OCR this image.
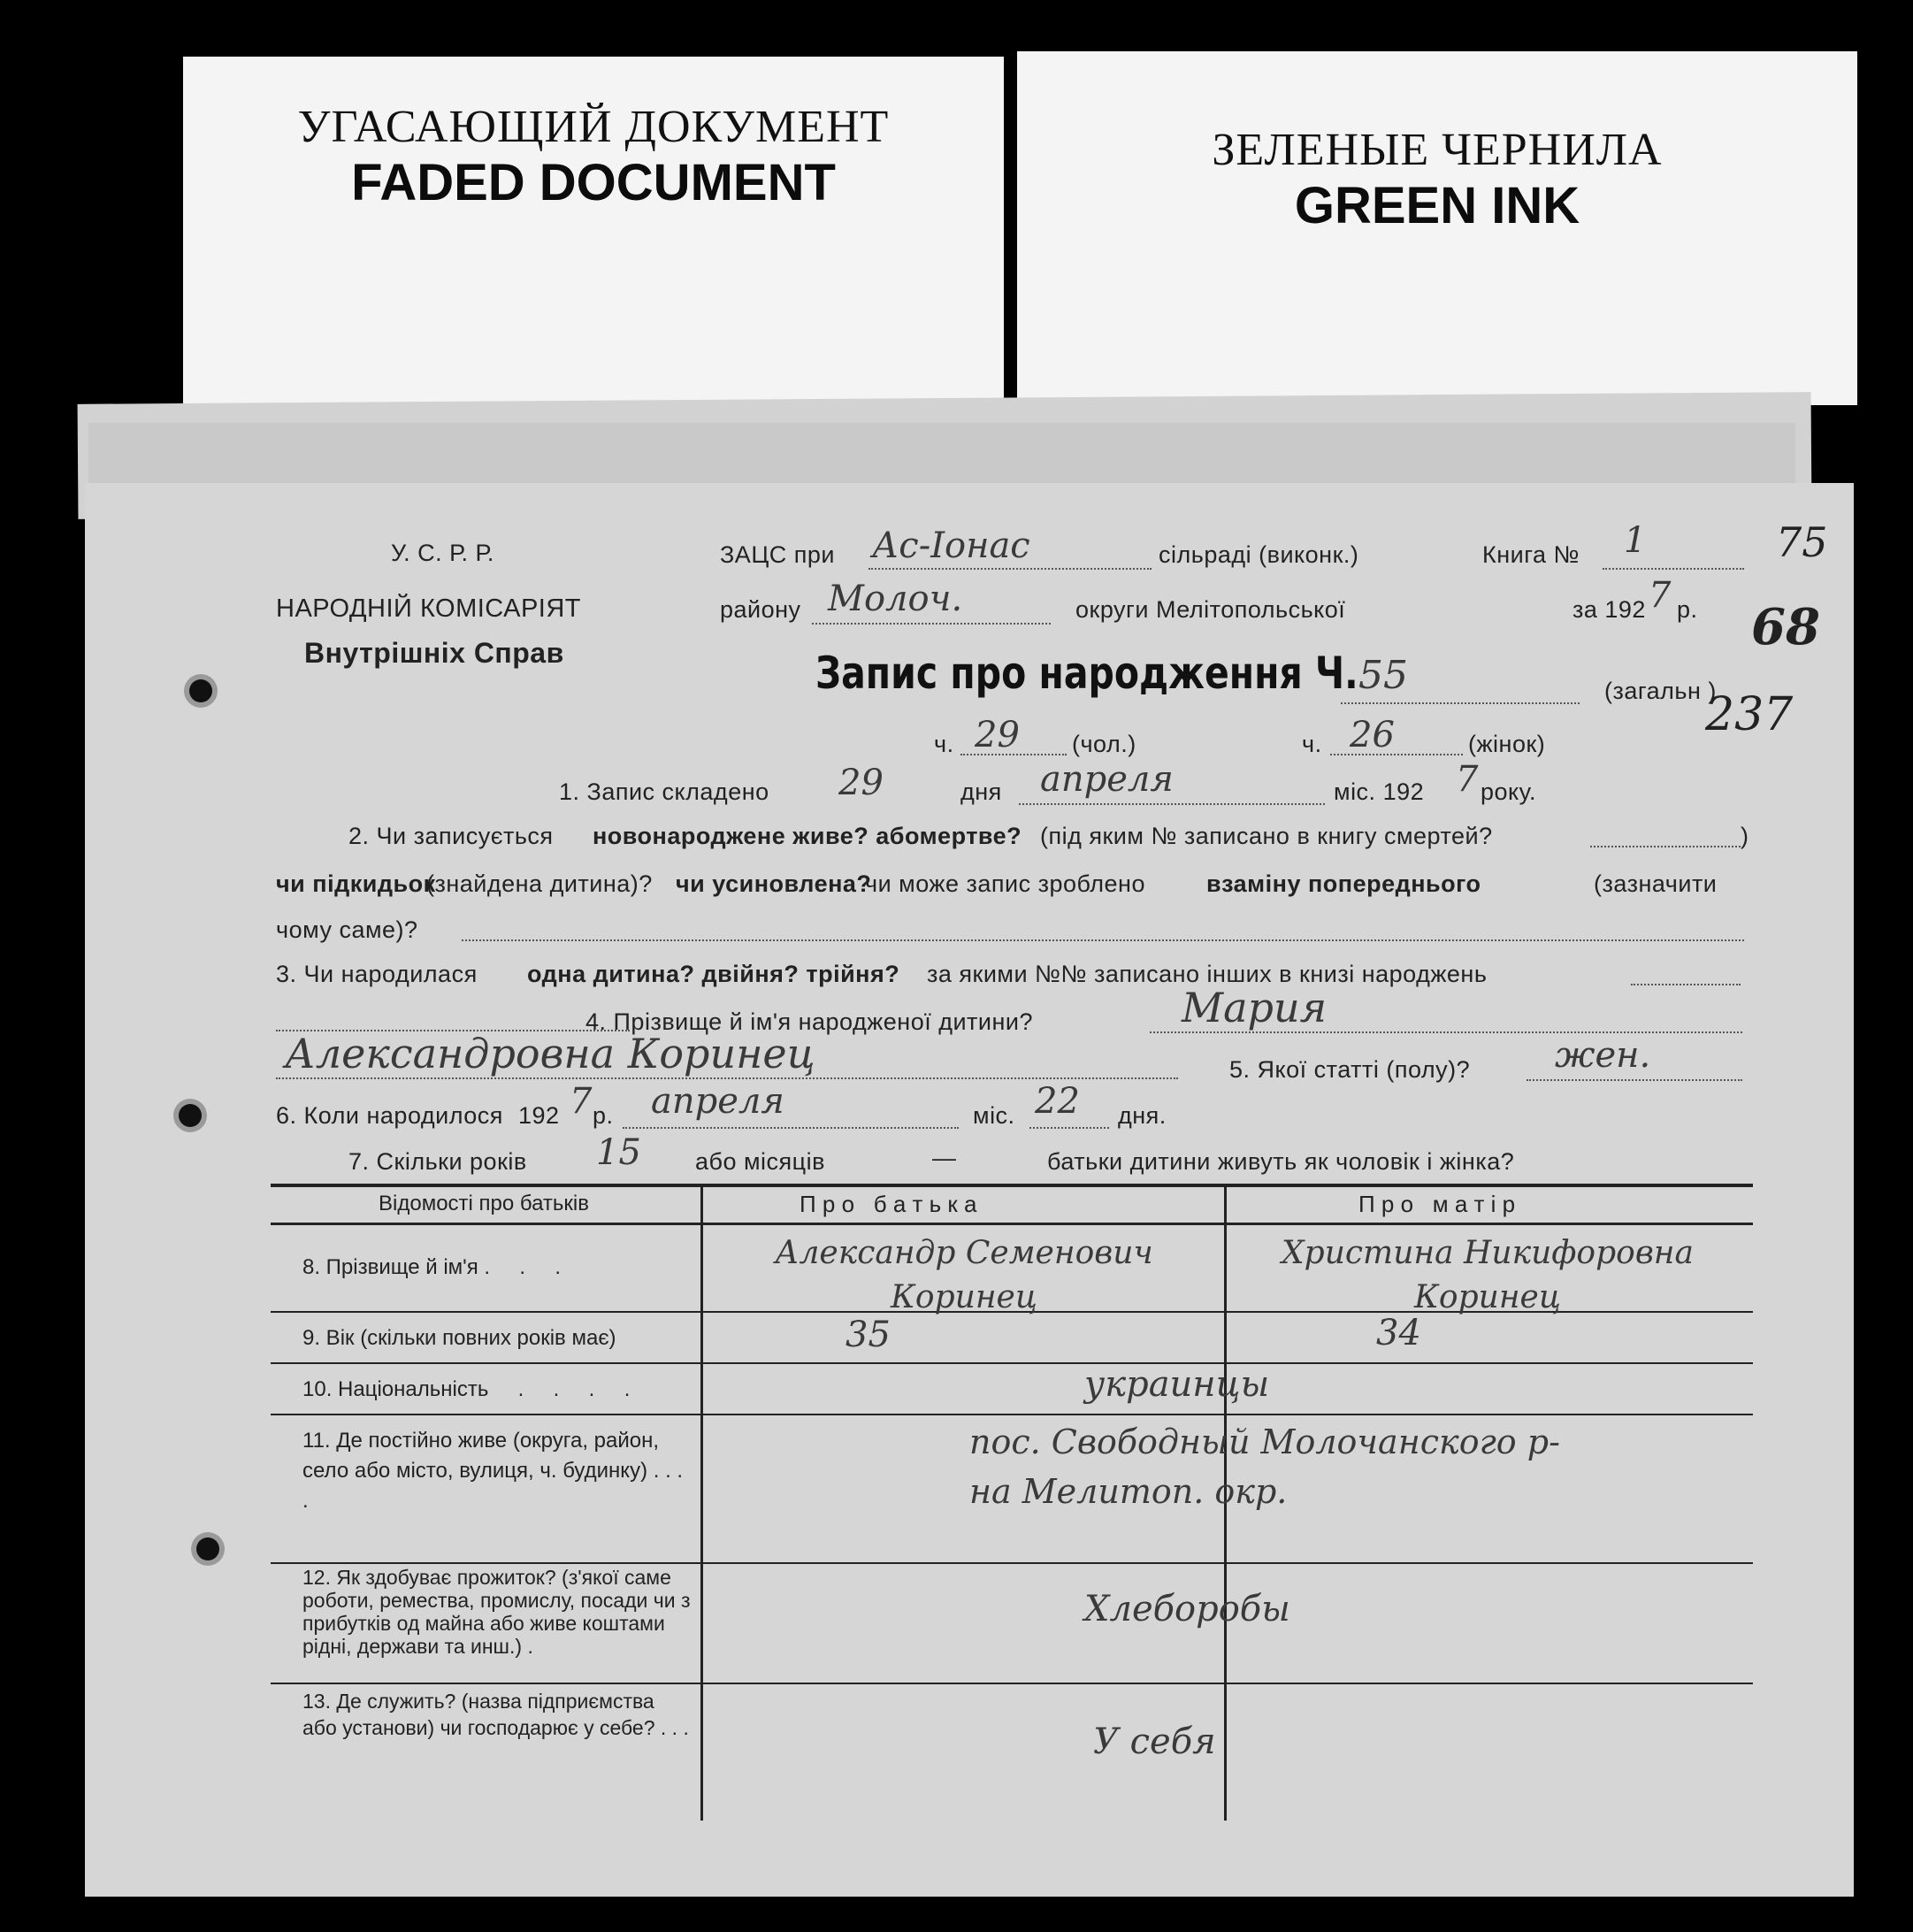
УГАСАЮЩИЙ ДОКУМЕНТ
FADED DOCUMENT
ЗЕЛЕНЫЕ ЧЕРНИЛА
GREEN INK
У. С. Р. Р.
НАРОДНІЙ КОМІСАРІЯТ
Внутрішніх Справ
ЗАЦС при Ас-Іонас	сільраді (виконк.)	Книга № 1
району Молоч.	округи Мелітопольської	за 192 7 р.
75
68
237
Запис про народження Ч. 55	(загальн )
ч. 29 (чол.)	ч. 26	(жінок)
1. Запис складено 29	дня апреля	міс. 192 7 року.
2. Чи записується новонароджене живе? абомертве? (під яким № записано в книгу смертей?	)
чи підкидьок
(знайдена дитина)? чи усиновлена?
чи може запис зроблено	взаміну попереднього	(зазначити
чому саме)?
3. Чи народилася одна дитина? двійня? трійня? за якими №№ записано інших в книзі народжень
4. Прізвище й ім'я народженої дитини?	Мария
Александровна Коринец	5. Якої статті (полу)? жен.
6. Коли народилося 192 7 р. апреля	міс. 22 дня.
7. Скільки років 15 або місяців	—	батьки дитини живуть як чоловік і жінка?
Відомості про батьків	П р о   б а т ь к а	П р о   м а т і р
8. Прізвище й ім'я .     .     .	Александр Семенович Коринец
Христина Никифоровна Коринец
9. Вік (скільки повних років має)	35	34
10. Національність     .     .     .     .	украинцы
11. Де постійно живе (округа, район, село або місто, вулиця, ч. будинку) . . . .
пос. Свободный Молочанского р-на Мелитоп. окр.
12. Як здобуває прожиток? (з'якої саме роботи, ремества, промислу, посади чи з прибутків од майна або живе коштами рідні, держави та инш.) .
Хлеборобы
13. Де служить? (назва підприємства або установи) чи господарює у себе? . . .	У себя
